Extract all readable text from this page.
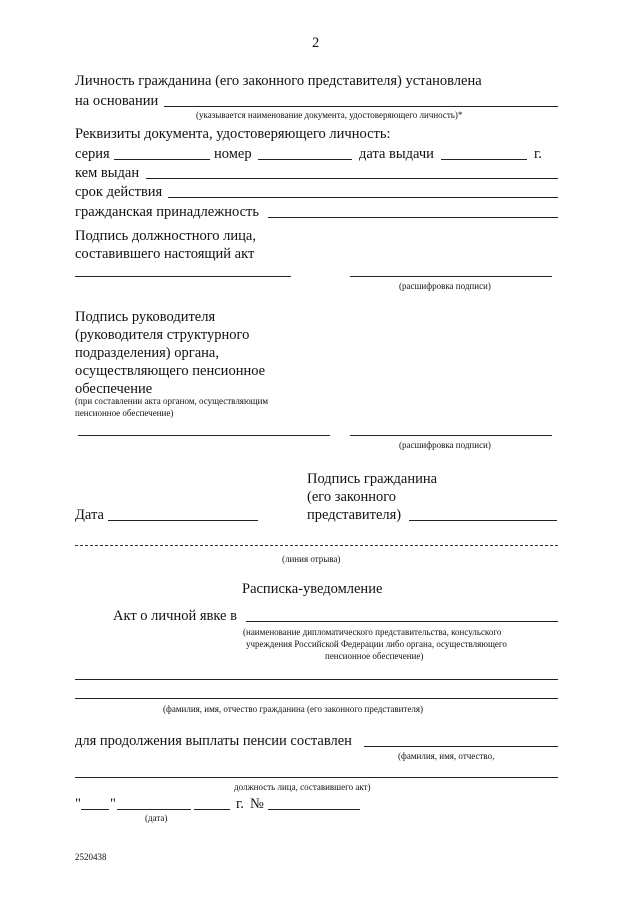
2
Личность гражданина (его законного представителя) установлена
на основании
(указывается наименование документа, удостоверяющего личность)*
Реквизиты документа, удостоверяющего личность:
серия	номер	дата выдачи	г.
кем выдан
срок действия
гражданская принадлежность
Подпись должностного лица,
составившего настоящий акт
(расшифровка подписи)
Подпись руководителя
(руководителя структурного
подразделения) органа,
осуществляющего пенсионное
обеспечение
(при составлении акта органом, осуществляющим
пенсионное обеспечение)
(расшифровка подписи)
Подпись гражданина
(его законного
представителя)
Дата
(линия отрыва)
Расписка-уведомление
Акт о личной явке в
(наименование дипломатического представительства, консульского
учреждения Российской Федерации либо органа, осуществляющего
пенсионное обеспечение)
(фамилия, имя, отчество гражданина (его законного представителя)
для продолжения выплаты пенсии составлен
(фамилия, имя, отчество,
должность лица, составившего акт)
" "	г. №
(дата)
2520438
